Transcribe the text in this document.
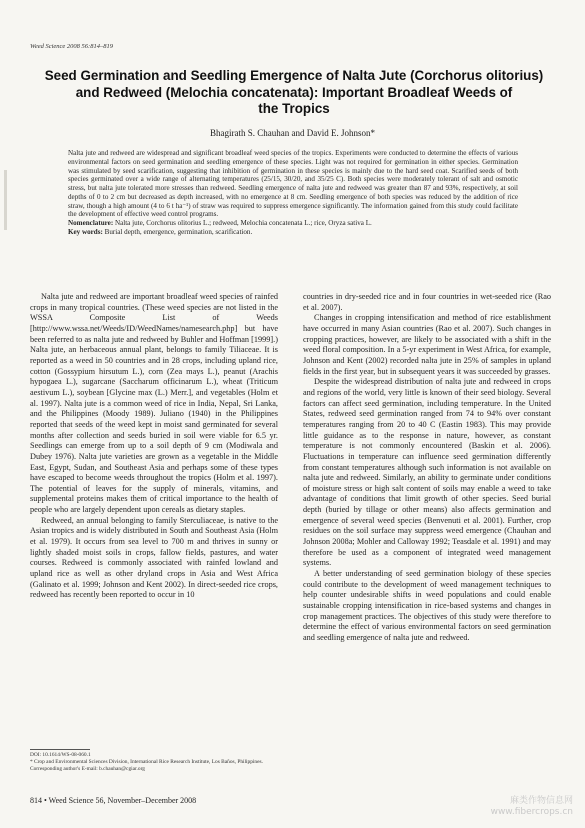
Weed Science 2008 56:814–819
Seed Germination and Seedling Emergence of Nalta Jute (Corchorus olitorius)
and Redweed (Melochia concatenata): Important Broadleaf Weeds of
the Tropics
Bhagirath S. Chauhan and David E. Johnson*

Nalta jute and redweed are widespread and significant broadleaf weed species of the tropics. Experiments were conducted to determine the effects of various environmental factors on seed germination and seedling emergence of these species. Light was not required for germination in either species. Germination was stimulated by seed scarification, suggesting that inhibition of germination in these species is mainly due to the hard seed coat. Scarified seeds of both species germinated over a wide range of alternating temperatures (25/15, 30/20, and 35/25 C). Both species were moderately tolerant of salt and osmotic stress, but nalta jute tolerated more stresses than redweed. Seedling emergence of nalta jute and redweed was greater than 87 and 93%, respectively, at soil depths of 0 to 2 cm but decreased as depth increased, with no emergence at 8 cm. Seedling emergence of both species was reduced by the addition of rice straw, though a high amount (4 to 6 t ha⁻¹) of straw was required to suppress emergence significantly. The information gained from this study could facilitate the development of effective weed control programs.

Nomenclature: Nalta jute, Corchorus olitorius L.; redweed, Melochia concatenata L.; rice, Oryza sativa L.

Key words: Burial depth, emergence, germination, scarification.

Nalta jute and redweed are important broadleaf weed species of rainfed crops in many tropical countries. (These weed species are not listed in the WSSA Composite List of Weeds [http://www.wssa.net/Weeds/ID/WeedNames/namesearch.php] but have been referred to as nalta jute and redweed by Buhler and Hoffman [1999].) Nalta jute, an herbaceous annual plant, belongs to family Tiliaceae. It is reported as a weed in 50 countries and in 28 crops, including upland rice, cotton (Gossypium hirsutum L.), corn (Zea mays L.), peanut (Arachis hypogaea L.), sugarcane (Saccharum officinarum L.), wheat (Triticum aestivum L.), soybean [Glycine max (L.) Merr.], and vegetables (Holm et al. 1997). Nalta jute is a common weed of rice in India, Nepal, Sri Lanka, and the Philippines (Moody 1989). Juliano (1940) in the Philippines reported that seeds of the weed kept in moist sand germinated for several months after collection and seeds buried in soil were viable for 6.5 yr. Seedlings can emerge from up to a soil depth of 9 cm (Modiwala and Dubey 1976). Nalta jute varieties are grown as a vegetable in the Middle East, Egypt, Sudan, and Southeast Asia and perhaps some of these types have escaped to become weeds throughout the tropics (Holm et al. 1997). The potential of leaves for the supply of minerals, vitamins, and supplemental proteins makes them of critical importance to the health of people who are largely dependent upon cereals as dietary staples.

Redweed, an annual belonging to family Sterculiaceae, is native to the Asian tropics and is widely distributed in South and Southeast Asia (Holm et al. 1979). It occurs from sea level to 700 m and thrives in sunny or lightly shaded moist soils in crops, fallow fields, pastures, and water courses. Redweed is commonly associated with rainfed lowland and upland rice as well as other dryland crops in Asia and West Africa (Galinato et al. 1999; Johnson and Kent 2002). In direct-seeded rice crops, redweed has recently been reported to occur in 10

countries in dry-seeded rice and in four countries in wet-seeded rice (Rao et al. 2007).

Changes in cropping intensification and method of rice establishment have occurred in many Asian countries (Rao et al. 2007). Such changes in cropping practices, however, are likely to be associated with a shift in the weed floral composition. In a 5-yr experiment in West Africa, for example, Johnson and Kent (2002) recorded nalta jute in 25% of samples in upland fields in the first year, but in subsequent years it was succeeded by grasses.

Despite the widespread distribution of nalta jute and redweed in crops and regions of the world, very little is known of their seed biology. Several factors can affect seed germination, including temperature. In the United States, redweed seed germination ranged from 74 to 94% over constant temperatures ranging from 20 to 40 C (Eastin 1983). This may provide little guidance as to the response in nature, however, as constant temperature is not commonly encountered (Baskin et al. 2006). Fluctuations in temperature can influence seed germination differently from constant temperatures although such information is not available on nalta jute and redweed. Similarly, an ability to germinate under conditions of moisture stress or high salt content of soils may enable a weed to take advantage of conditions that limit growth of other species. Seed burial depth (buried by tillage or other means) also affects germination and emergence of several weed species (Benvenuti et al. 2001). Further, crop residues on the soil surface may suppress weed emergence (Chauhan and Johnson 2008a; Mohler and Calloway 1992; Teasdale et al. 1991) and may therefore be used as a component of integrated weed management systems.

A better understanding of seed germination biology of these species could contribute to the development of weed management techniques to help counter undesirable shifts in weed populations and could enable sustainable cropping intensification in rice-based systems and changes in crop management practices. The objectives of this study were therefore to determine the effect of various environmental factors on seed germination and seedling emergence of nalta jute and redweed.

DOI: 10.1614/WS-08-060.1
* Crop and Environmental Sciences Division, International Rice Research Institute, Los Baños, Philippines. Corresponding author's E-mail: b.chauhan@cgiar.org
814 • Weed Science 56, November–December 2008	麻类作物信息网
www.fibercrops.cn
